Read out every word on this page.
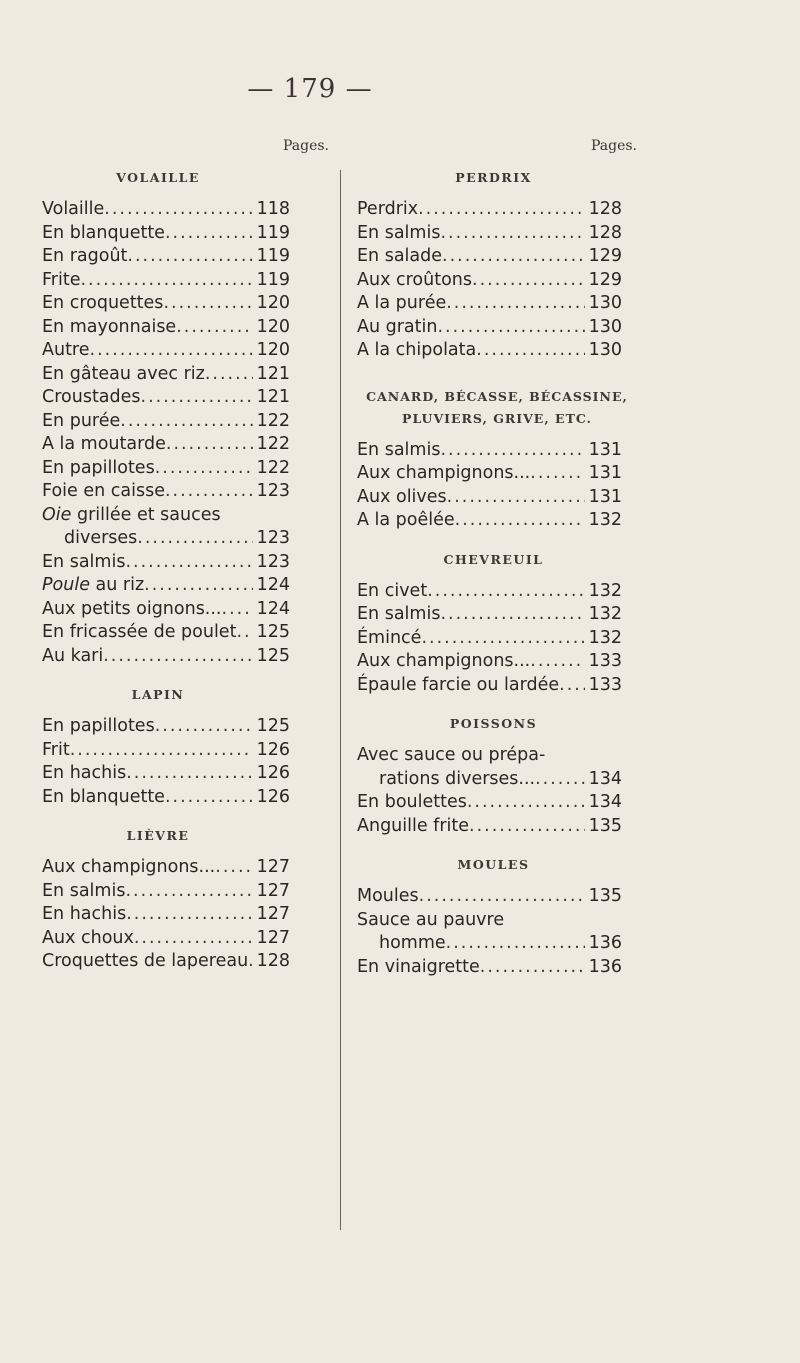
— 179 —
Pages.
VOLAILLE
Volaille .....	118
En blanquette .....	119
En ragoût .....	119
Frite .....	119
En croquettes .....	120
En mayonnaise .....	120
Autre .....	120
En gâteau avec riz .....	121
Croustades .....	121
En purée .....	122
A la moutarde .....	122
En papillotes .....	122
Foie en caisse .....	123
Oie grillée et sauces
diverses .....	123
En salmis .....	123
Poule au riz .....	124
Aux petits oignons... ..... 124
En fricassée de poulet ..... 125
Au kari .....	125
LAPIN
En papillotes .....	125
Frit .....	126
En hachis .....	126
En blanquette .....	126
LIÈVRE
Aux champignons... ..... 127
En salmis .....	127
En hachis .....	127
Aux choux .....	127
Croquettes de lapereau ..... 128
Pages.
PERDRIX
Perdrix .....	128
En salmis .....	128
En salade .....	129
Aux croûtons .....	129
A la purée .....	130
Au gratin .....	130
A la chipolata .....	130
CANARD, BÉCASSE, BÉCASSINE,
PLUVIERS, GRIVE, ETC.
En salmis .....	131
Aux champignons... .....	131
Aux olives .....	131
A la poêlée .....	132
CHEVREUIL
En civet .....	132
En salmis .....	132
Émincé .....	132
Aux champignons... .....	133
Épaule farcie ou lardée ..... 133
POISSONS
Avec sauce ou prépa-
rations diverses... .....	134
En boulettes .....	134
Anguille frite .....	135
MOULES
Moules .....	135
Sauce au pauvre
homme .....	136
En vinaigrette .....	136
